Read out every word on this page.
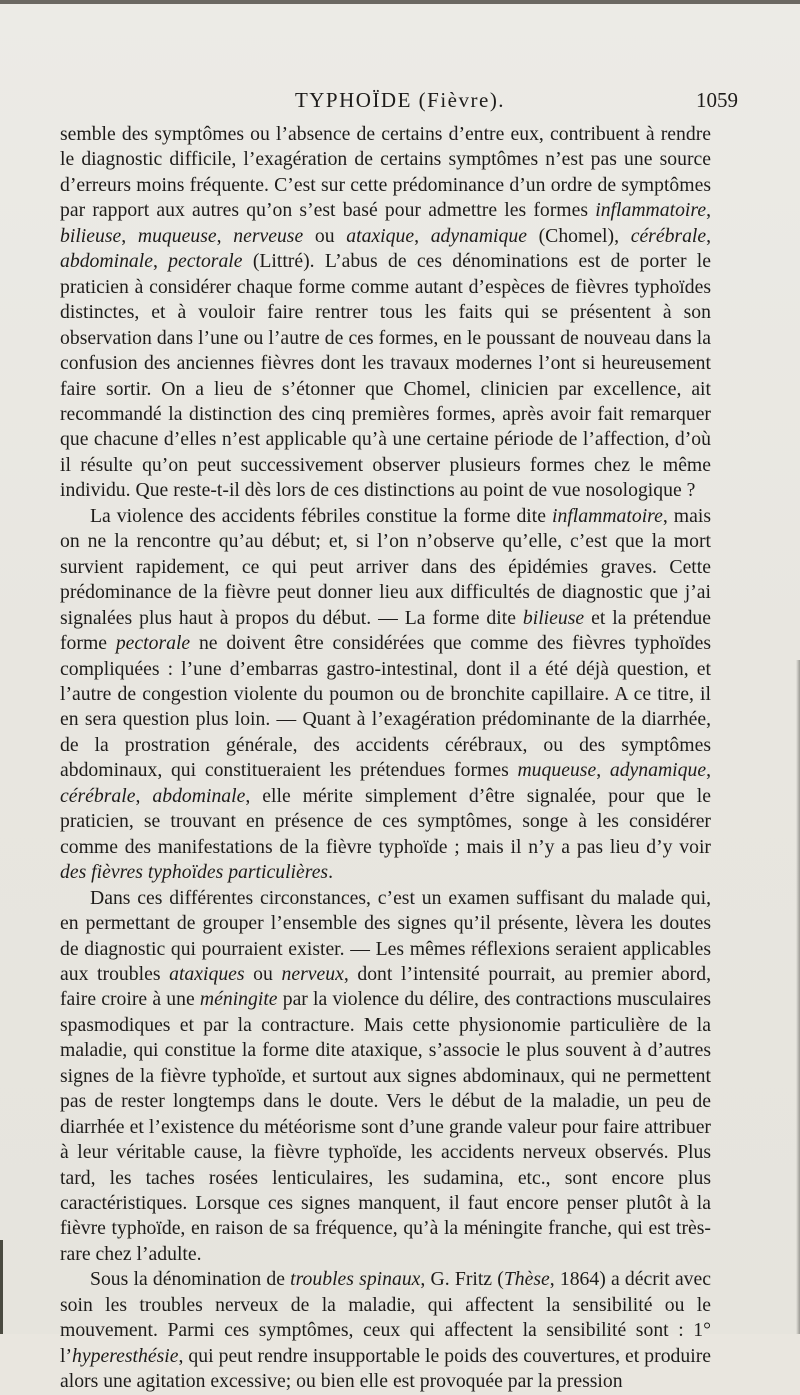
TYPHOÏDE (Fièvre).	1059

semble des symptômes ou l’absence de certains d’entre eux, contribuent à rendre le diagnostic difficile, l’exagération de certains symptômes n’est pas une source d’erreurs moins fréquente. C’est sur cette prédominance d’un ordre de symptômes par rapport aux autres qu’on s’est basé pour admettre les formes inflammatoire, bilieuse, muqueuse, nerveuse ou ataxique, adynamique (Chomel), cérébrale, abdominale, pectorale (Littré). L’abus de ces dénominations est de porter le praticien à considérer chaque forme comme autant d’espèces de fièvres typhoïdes distinctes, et à vouloir faire rentrer tous les faits qui se présentent à son observation dans l’une ou l’autre de ces formes, en le poussant de nouveau dans la confusion des anciennes fièvres dont les travaux modernes l’ont si heureusement faire sortir. On a lieu de s’étonner que Chomel, clinicien par excellence, ait recommandé la distinction des cinq premières formes, après avoir fait remarquer que chacune d’elles n’est applicable qu’à une certaine période de l’affection, d’où il résulte qu’on peut successivement observer plusieurs formes chez le même individu. Que reste-t-il dès lors de ces distinctions au point de vue nosologique ?

La violence des accidents fébriles constitue la forme dite inflammatoire, mais on ne la rencontre qu’au début; et, si l’on n’observe qu’elle, c’est que la mort survient rapidement, ce qui peut arriver dans des épidémies graves. Cette prédominance de la fièvre peut donner lieu aux difficultés de diagnostic que j’ai signalées plus haut à propos du début. — La forme dite bilieuse et la prétendue forme pectorale ne doivent être considérées que comme des fièvres typhoïdes compliquées : l’une d’embarras gastro-intestinal, dont il a été déjà question, et l’autre de congestion violente du poumon ou de bronchite capillaire. A ce titre, il en sera question plus loin. — Quant à l’exagération prédominante de la diarrhée, de la prostration générale, des accidents cérébraux, ou des symptômes abdominaux, qui constitueraient les prétendues formes muqueuse, adynamique, cérébrale, abdominale, elle mérite simplement d’être signalée, pour que le praticien, se trouvant en présence de ces symptômes, songe à les considérer comme des manifestations de la fièvre typhoïde ; mais il n’y a pas lieu d’y voir des fièvres typhoïdes particulières.

Dans ces différentes circonstances, c’est un examen suffisant du malade qui, en permettant de grouper l’ensemble des signes qu’il présente, lèvera les doutes de diagnostic qui pourraient exister. — Les mêmes réflexions seraient applicables aux troubles ataxiques ou nerveux, dont l’intensité pourrait, au premier abord, faire croire à une méningite par la violence du délire, des contractions musculaires spasmodiques et par la contracture. Mais cette physionomie particulière de la maladie, qui constitue la forme dite ataxique, s’associe le plus souvent à d’autres signes de la fièvre typhoïde, et surtout aux signes abdominaux, qui ne permettent pas de rester longtemps dans le doute. Vers le début de la maladie, un peu de diarrhée et l’existence du météorisme sont d’une grande valeur pour faire attribuer à leur véritable cause, la fièvre typhoïde, les accidents nerveux observés. Plus tard, les taches rosées lenticulaires, les sudamina, etc., sont encore plus caractéristiques. Lorsque ces signes manquent, il faut encore penser plutôt à la fièvre typhoïde, en raison de sa fréquence, qu’à la méningite franche, qui est très-rare chez l’adulte.

Sous la dénomination de troubles spinaux, G. Fritz (Thèse, 1864) a décrit avec soin les troubles nerveux de la maladie, qui affectent la sensibilité ou le mouvement. Parmi ces symptômes, ceux qui affectent la sensibilité sont : 1° l’hyperesthésie, qui peut rendre insupportable le poids des couvertures, et produire alors une agitation excessive; ou bien elle est provoquée par la pression
